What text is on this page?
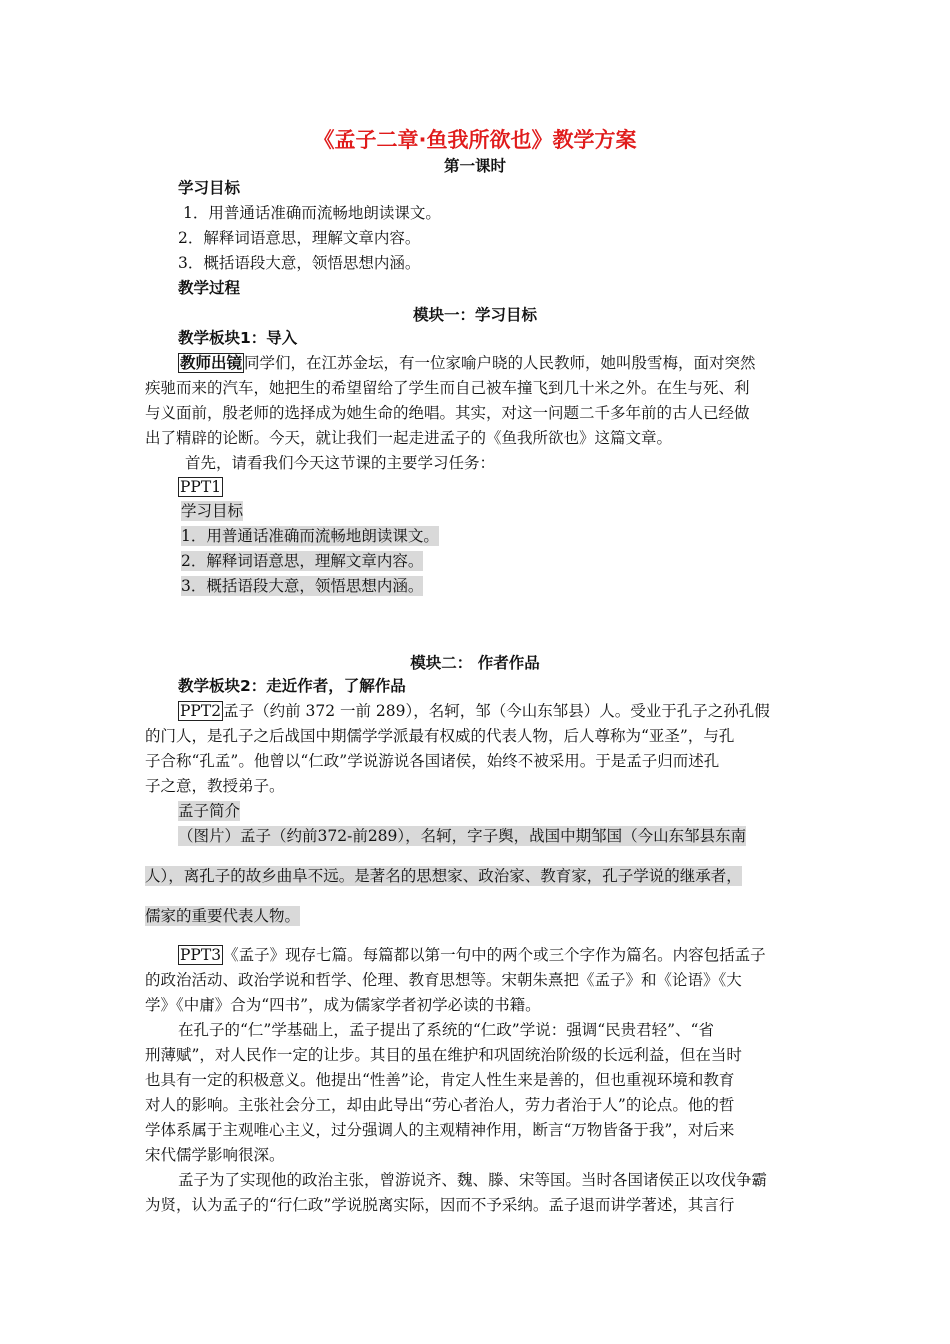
《孟子二章·鱼我所欲也》教学方案
第一课时
学习目标
1．用普通话准确而流畅地朗读课文。
2．解释词语意思，理解文章内容。
3．概括语段大意，领悟思想内涵。
教学过程
模块一：学习目标
教学板块1：导入
教师出镜 同学们，在江苏金坛，有一位家喻户晓的人民教师，她叫殷雪梅，面对突然
疾驰而来的汽车，她把生的希望留给了学生而自己被车撞飞到几十米之外。在生与死、利
与义面前，殷老师的选择成为她生命的绝唱。其实，对这一问题二千多年前的古人已经做
出了精辟的论断。今天，就让我们一起走进孟子的《鱼我所欲也》这篇文章。
首先，请看我们今天这节课的主要学习任务：
PPT1
学习目标
1．用普通话准确而流畅地朗读课文。
2．解释词语意思，理解文章内容。
3．概括语段大意，领悟思想内涵。
模块二： 作者作品
教学板块2：走近作者，了解作品
PPT2 孟子（约前 372 一前 289），名轲，邹（今山东邹县）人。受业于孔子之孙孔假
的门人，是孔子之后战国中期儒学学派最有权威的代表人物，后人尊称为“亚圣”，与孔
子合称“孔孟”。他曾以“仁政”学说游说各国诸侯，始终不被采用。于是孟子归而述孔
子之意，教授弟子。
孟子简介
（图片）孟子（约前372-前289），名轲，字子舆，战国中期邹国（今山东邹县东南
人），离孔子的故乡曲阜不远。是著名的思想家、政治家、教育家，孔子学说的继承者，
儒家的重要代表人物。
PPT3 《孟子》现存七篇。每篇都以第一句中的两个或三个字作为篇名。内容包括孟子
的政治活动、政治学说和哲学、伦理、教育思想等。宋朝朱熹把《孟子》和《论语》《大
学》《中庸》合为“四书”，成为儒家学者初学必读的书籍。
在孔子的“仁”学基础上，孟子提出了系统的“仁政”学说：强调“民贵君轻”、“省
刑薄赋”，对人民作一定的让步。其目的虽在维护和巩固统治阶级的长远利益，但在当时
也具有一定的积极意义。他提出“性善”论，肯定人性生来是善的，但也重视环境和教育
对人的影响。主张社会分工，却由此导出“劳心者治人，劳力者治于人”的论点。他的哲
学体系属于主观唯心主义，过分强调人的主观精神作用，断言“万物皆备于我”，对后来
宋代儒学影响很深。
孟子为了实现他的政治主张，曾游说齐、魏、滕、宋等国。当时各国诸侯正以攻伐争霸
为贤，认为孟子的“行仁政”学说脱离实际，因而不予采纳。孟子退而讲学著述，其言行
